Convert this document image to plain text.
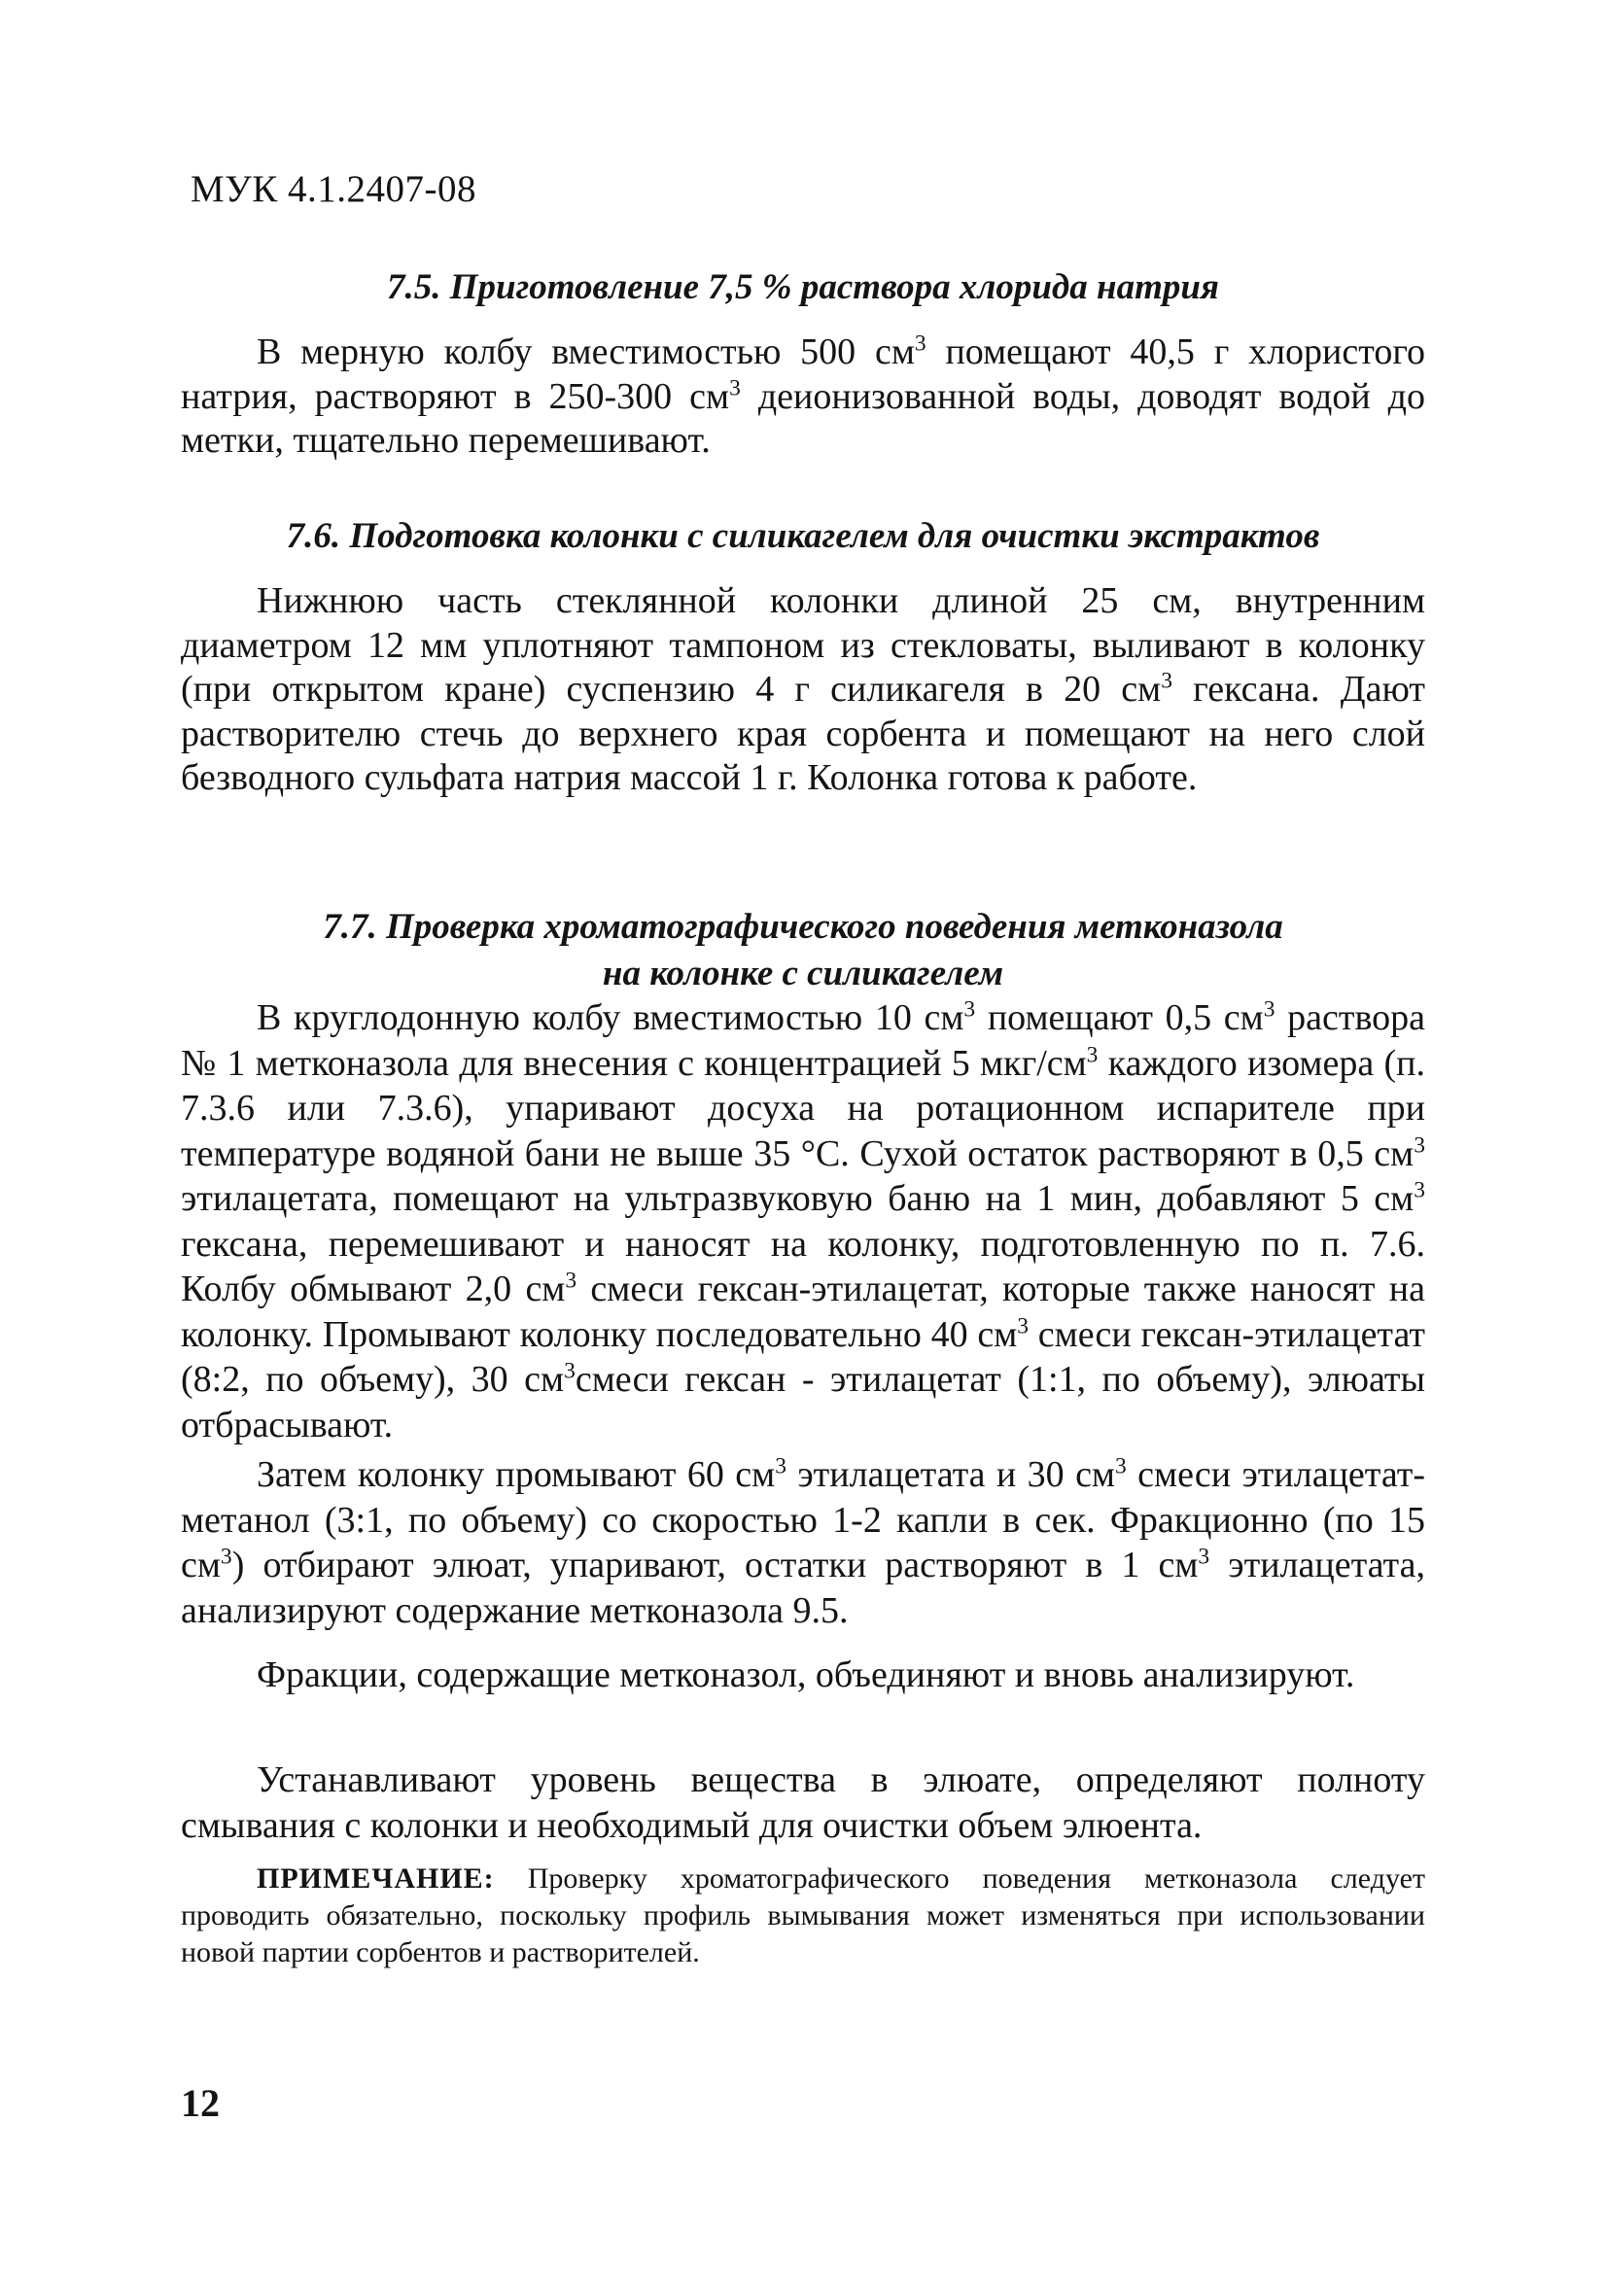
МУК 4.1.2407-08
7.5. Приготовление 7,5 % раствора хлорида натрия

В мерную колбу вместимостью 500 $см^3$ помещают 40,5 г хлористого натрия, растворяют в 250-300 $см^3$ деионизованной воды, доводят водой до метки, тщательно перемешивают.

7.6. Подготовка колонки с силикагелем для очистки экстрактов

Нижнюю часть стеклянной колонки длиной 25 см, внутренним диаметром 12 мм уплотняют тампоном из стекловаты, выливают в колонку (при открытом кране) суспензию 4 г силикагеля в 20 $см^3$ гексана. Дают растворителю стечь до верхнего края сорбента и помещают на него слой безводного сульфата натрия массой 1 г. Колонка готова к работе.

7.7. Проверка хроматографического поведения метконазола
на колонке с силикагелем

В круглодонную колбу вместимостью 10 $см^3$ помещают 0,5 $см^3$ раствора № 1 метконазола для внесения с концентрацией 5 мкг/$см^3$ каждого изомера (п. 7.3.6 или 7.3.6), упаривают досуха на ротационном испарителе при температуре водяной бани не выше 35 °С. Сухой остаток растворяют в 0,5 $см^3$ этилацетата, помещают на ультразвуковую баню на 1 мин, добавляют 5 $см^3$ гексана, перемешивают и наносят на колонку, подготовленную по п. 7.6. Колбу обмывают 2,0 $см^3$ смеси гексан-этилацетат, которые также наносят на колонку. Промывают колонку последовательно 40 $см^3$ смеси гексан-этилацетат (8:2, по объему), 30 $см^3смеси$ гексан - этилацетат (1:1, по объему), элюаты отбрасывают.

Затем колонку промывают 60 $см^3$ этилацетата и 30 $см^3$ смеси этилацетат-метанол (3:1, по объему) со скоростью 1-2 капли в сек. Фракционно (по 15 $см^3$) отбирают элюат, упаривают, остатки растворяют в 1 $см^3$ этилацетата, анализируют содержание метконазола 9.5.

Фракции, содержащие метконазол, объединяют и вновь анализируют.

Устанавливают уровень вещества в элюате, определяют полноту смывания с колонки и необходимый для очистки объем элюента.

ПРИМЕЧАНИЕ: Проверку хроматографического поведения метконазола следует проводить обязательно, поскольку профиль вымывания может изменяться при использовании новой партии сорбентов и растворителей.

12
